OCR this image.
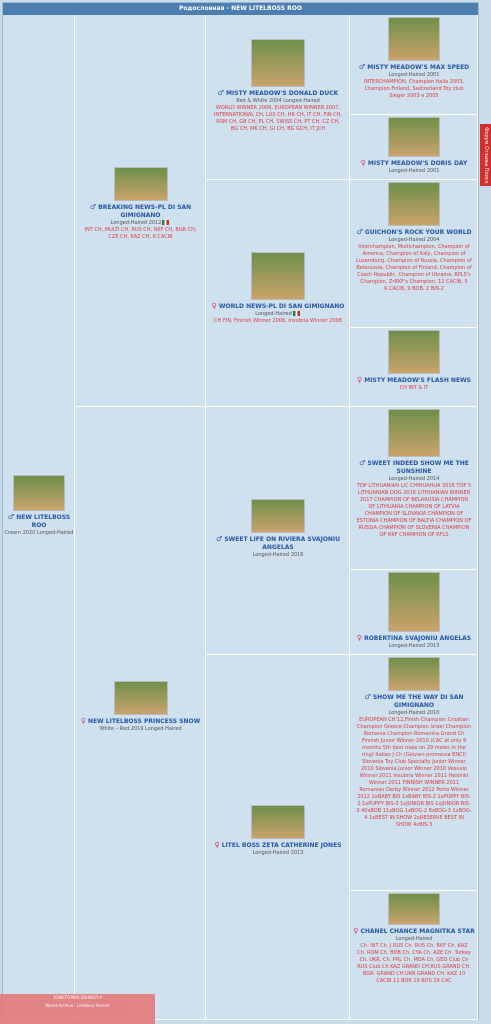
Родословная - NEW LITELBOSS ROO
♂ NEW LITELBOSS ROO
Cream 2020 Longed-Haired
♂ BREAKING NEWS-PL DI SAN GIMIGNANO
Longed-Haired 2012
INT CH, MULTI CH, RUS CH, RKF CH, BGR CH, CZE CH, KAZ CH, 6 CACIB
♀ NEW LITELBOSS PRINCESS SNOW
White – Red 2019 Longed-Haired
♂ MISTY MEADOW'S DONALD DUCK
Red & White 2004 Longed-Haired
WORLD WINNER 2009, EUROPEAN WINNER 2007, INTERNATIONAL CH, LUX CH, HR CH, IT CH, FIN CH, RSM CH, GB CH, PL CH, SWISS CH, PT CH, CZ CH, BG CH, MK CH, GI CH, BG GCH, IT JCH
♀ WORLD NEWS-PL DI SAN GIMIGNANO
Longed-Haired
CH FIN, Finnish Winner 2008, Insubria Winner 2008
♂ SWEET LIFE ON RIVIERA SVAJONIU ANGELAS
Longed-Haired 2016
♀ LITEL BOSS ZETA CATHERINE JONES
Longed-Haired 2013
♂ MISTY MEADOW'S MAX SPEED
Longed-Haired 2001
INTERCHAMPION, Champion Italia 2003, Champion Finland, Switzerland Toy club Sieger 2003 e 2005
♀ MISTY MEADOW'S DORIS DAY
Longed-Haired 2001
♂ GUICHON'S ROCK YOUR WORLD
Longed-Haired 2004
Interchampion, Multichampion, Champion of America, Champion of Italy, Champion of Luxemburg, Champion of Russia, Champion of Belorussia, Champion of Finland, Champion of Czech Republic, Champion of Ukraine, RPL5's Champion, ZrRKF's Champion, 11 CACIB, 5 R.CACIB, 9 BOB, 2 BIS-2
♀ MISTY MEADOW'S FLASH NEWS
CH INT & IT
♂ SWEET INDEED SHOW ME THE SUNSHINE
Longed-Haired 2014
TOP LITHUANIAN L/C CHIHUAHUA 2016 TOP 5 LITHUANIAN DOG 2016 LITHUANIAN WINNER 2017 CHAMPION OF BELARUSIA CHAMPION OF LITHUANIA CHAMPION OF LATVIA CHAMPION OF SLOVAKIA CHAMPION OF ESTONIA CHAMPION OF BALTIA CHAMPION OF RUSSIA CHAMPION OF SLOVENIA CHAMPION OF RKF CHAMPION OF RFLS
♀ ROBERTINA SVAJONIU ANGELAS
Longed-Haired 2013
♂ SHOW ME THE WAY DI SAN GIMIGNANO
Longed-Haired 2010
EUROPEAN CH'12,Finish Champion Croatian Champion Greece Champion Israel Champion Romania Champion Romanina Grand Ch Finnish Junior Winner 2010 (CAC at only 9 months 5th best male on 29 males in the ring) Italian J Ch (Giovani promessa ENCI) Slovenia Toy Club Specialty Junior Winner 2010 Slovenia Junior Winner 2010 Vesuvio Winner 2011 Insubria Winner 2011 Helsinki Winner 2011 FINNISH WINNER 2011 Romanian Derby Winner 2012 Porto Winner 2012 2xBABY BIS 1xBABY BIS-2 1xPUPPY BIS-2 1xPUPPY BIS-3 1xJUNIOR BIS 1xJUNIOR BIS-3 40xBOB 11xBOG 1xBOG-2 8xBOG-3 1xBOG-4 1xBEST IN SHOW 2xRESERVE BEST IN SHOW 4xBIS-3
♀ CHANEL CHANCE MAGNITKA STAR
Longed-Haired
Ch. INT Ch. J RUS Ch. RUS Ch. RKF Ch. KAZ Ch. ROM Ch. BOB Ch. CYA Ch. AZE Ch. Turkey Ch. UKR, Ch. PRL Ch. MDA Ch. GEO Club Ch RUS Club Ch KAZ GRAND CH.RUS GRAND CH. BGR. GRAND CH.UKR GRAND CH. KAZ 10 CACIB 11 BOB 19 BOS 29 CAC
Форум Отзывы Поиск
ЗОФЕТОЛКИ ЗОНВОЛ.А
World Archive · Litelboss Kennel
